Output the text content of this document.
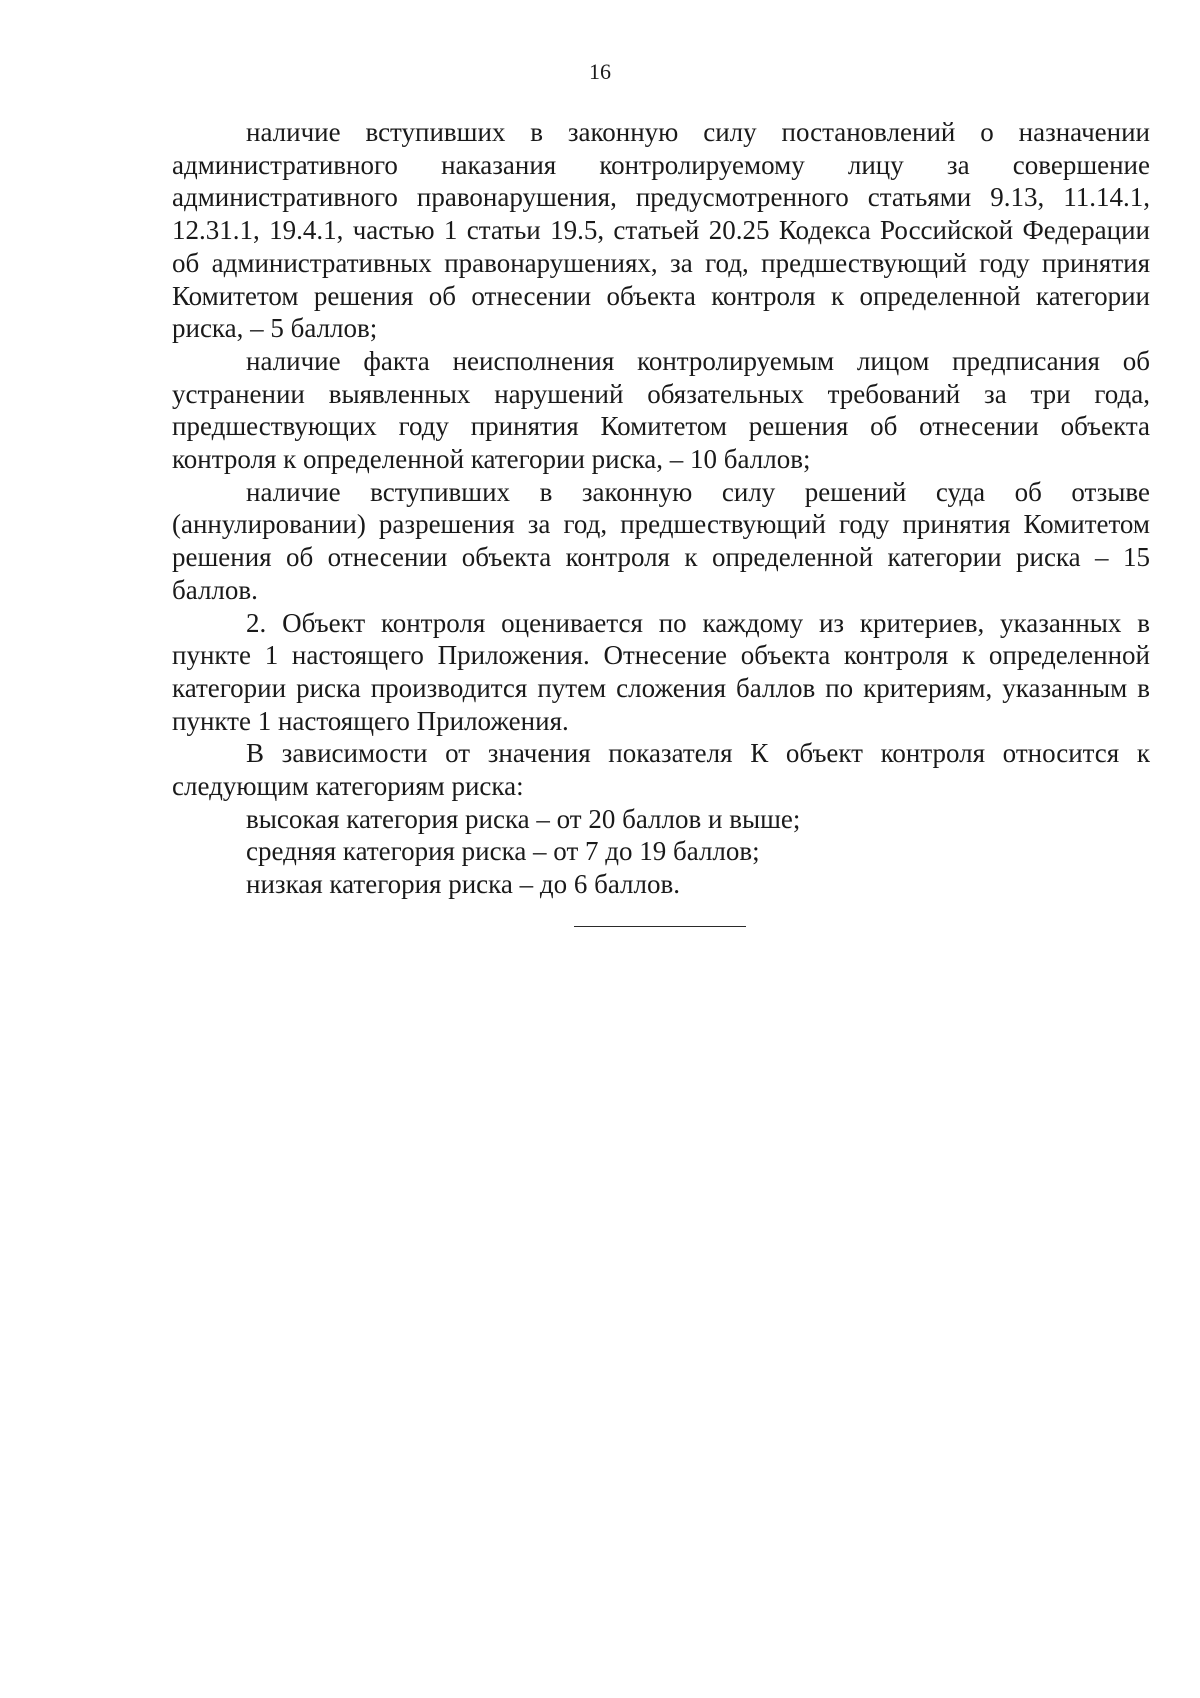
16

наличие вступивших в законную силу постановлений о назначении административного наказания контролируемому лицу за совершение административного правонарушения, предусмотренного статьями 9.13, 11.14.1, 12.31.1, 19.4.1, частью 1 статьи 19.5, статьей 20.25 Кодекса Российской Федерации об административных правонарушениях, за год, предшествующий году принятия Комитетом решения об отнесении объекта контроля к определенной категории риска, – 5 баллов;

наличие факта неисполнения контролируемым лицом предписания об устранении выявленных нарушений обязательных требований за три года, предшествующих году принятия Комитетом решения об отнесении объекта контроля к определенной категории риска, – 10 баллов;

наличие вступивших в законную силу решений суда об отзыве (аннулировании) разрешения за год, предшествующий году принятия Комитетом решения об отнесении объекта контроля к определенной категории риска – 15 баллов.

2. Объект контроля оценивается по каждому из критериев, указанных в пункте 1 настоящего Приложения. Отнесение объекта контроля к определенной категории риска производится путем сложения баллов по критериям, указанным в пункте 1 настоящего Приложения.

В зависимости от значения показателя К объект контроля относится к следующим категориям риска:

высокая категория риска – от 20 баллов и выше;

средняя категория риска – от 7 до 19 баллов;

низкая категория риска – до 6 баллов.
